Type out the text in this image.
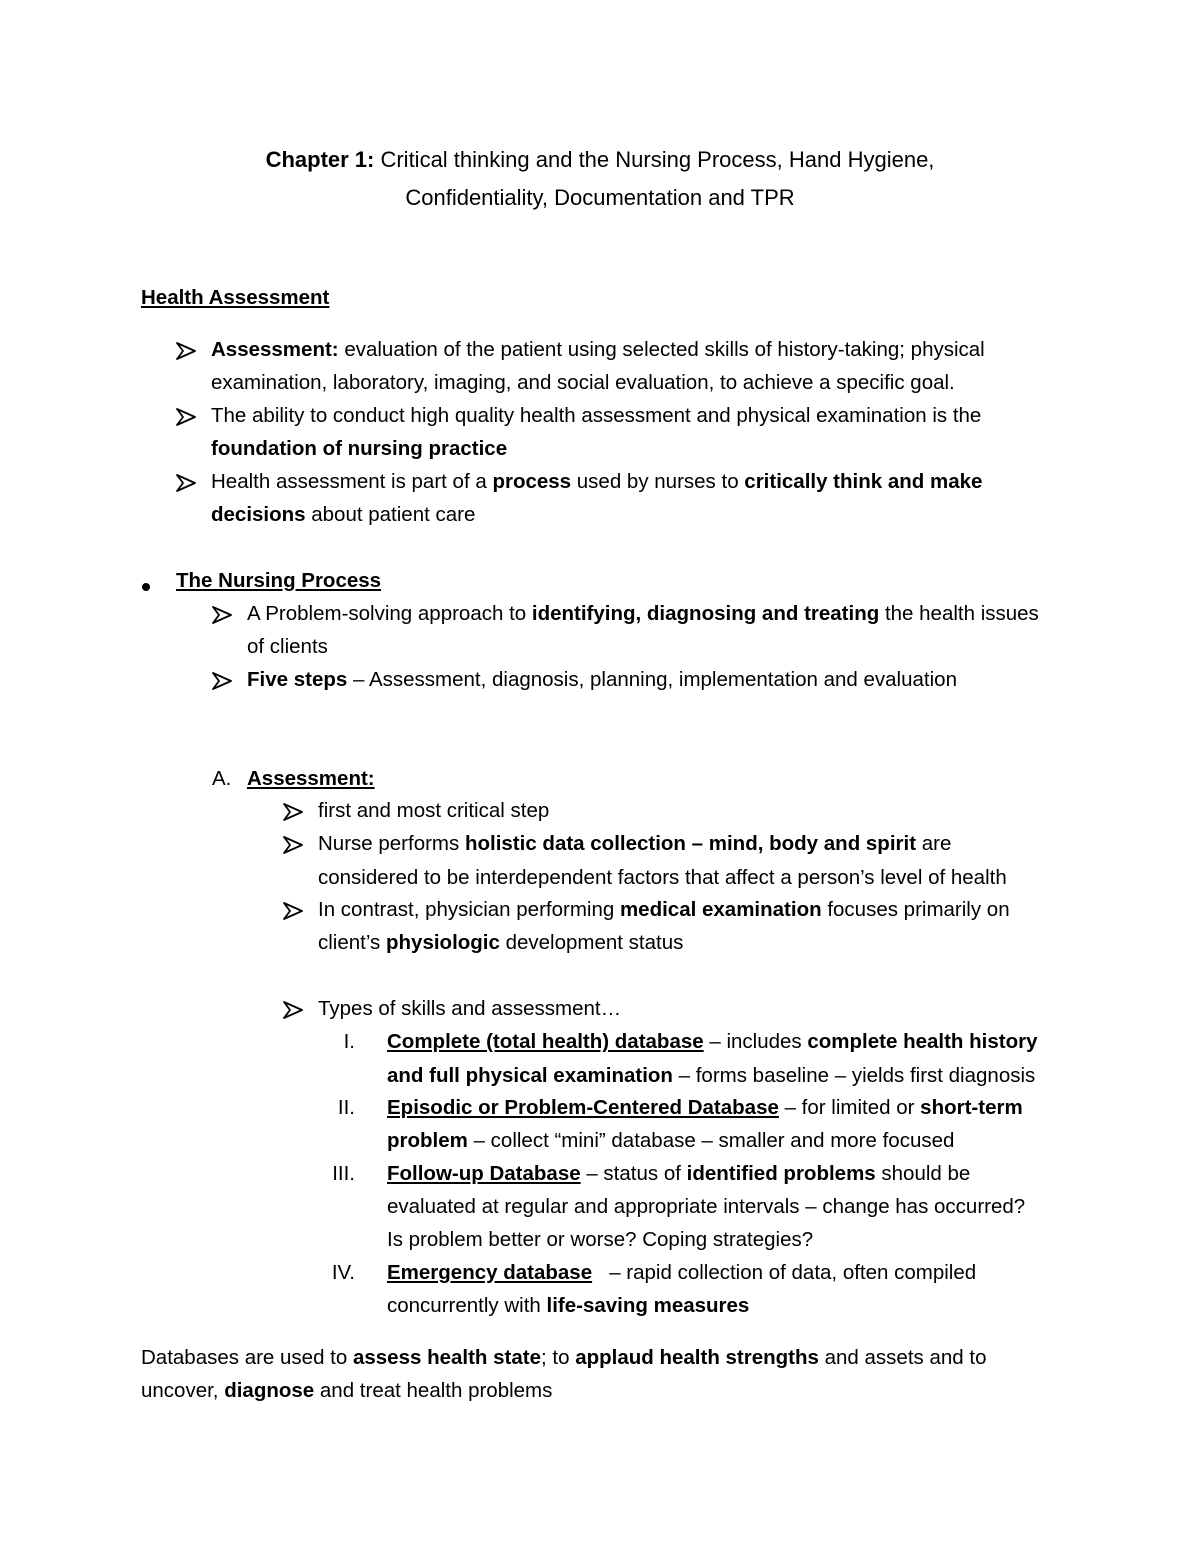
Chapter 1: Critical thinking and the Nursing Process, Hand Hygiene,
Confidentiality, Documentation and TPR
Health Assessment
Assessment: evaluation of the patient using selected skills of history-taking; physical
examination, laboratory, imaging, and social evaluation, to achieve a specific goal.
The ability to conduct high quality health assessment and physical examination is the
foundation of nursing practice
Health assessment is part of a process used by nurses to critically think and make
decisions about patient care
The Nursing Process
A Problem-solving approach to identifying, diagnosing and treating the health issues
of clients
Five steps – Assessment, diagnosis, planning, implementation and evaluation
A. Assessment:
first and most critical step
Nurse performs holistic data collection – mind, body and spirit are
considered to be interdependent factors that affect a person’s level of health
In contrast, physician performing medical examination focuses primarily on
client’s physiologic development status
Types of skills and assessment…
I. Complete (total health) database – includes complete health history
and full physical examination – forms baseline – yields first diagnosis
II. Episodic or Problem-Centered Database – for limited or short-term
problem – collect “mini” database – smaller and more focused
III. Follow-up Database – status of identified problems should be
evaluated at regular and appropriate intervals – change has occurred?
Is problem better or worse? Coping strategies?
IV. Emergency database   – rapid collection of data, often compiled
concurrently with life-saving measures
Databases are used to assess health state; to applaud health strengths and assets and to
uncover, diagnose and treat health problems
